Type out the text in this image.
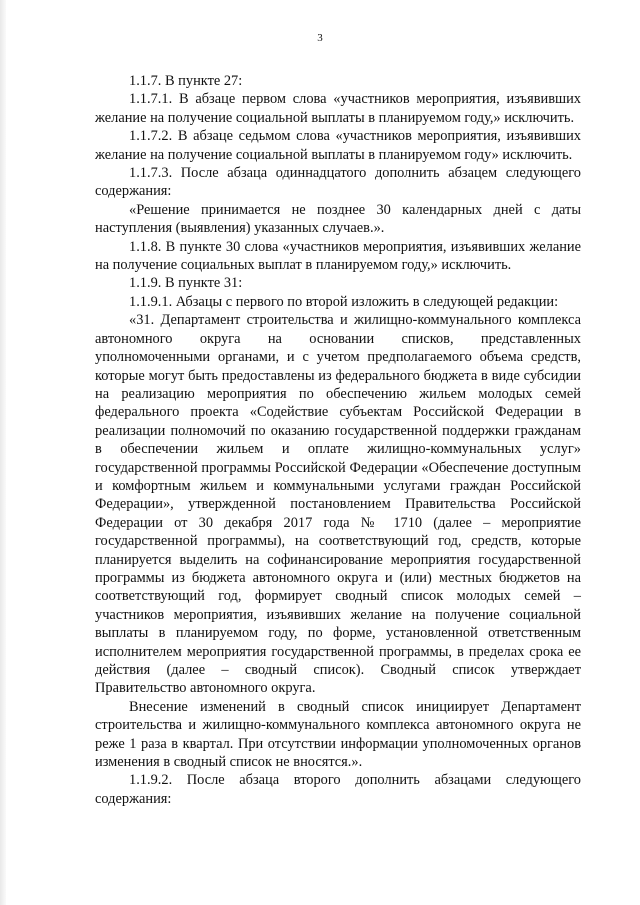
3

1.1.7. В пункте 27:

1.1.7.1. В абзаце первом слова «участников мероприятия, изъявивших желание на получение социальной выплаты в планируемом году,» исключить.

1.1.7.2. В абзаце седьмом слова «участников мероприятия, изъявивших желание на получение социальной выплаты в планируемом году» исключить.

1.1.7.3. После абзаца одиннадцатого дополнить абзацем следующего содержания:

«Решение принимается не позднее 30 календарных дней с даты наступления (выявления) указанных случаев.».

1.1.8. В пункте 30 слова «участников мероприятия, изъявивших желание на получение социальных выплат в планируемом году,» исключить.

1.1.9. В пункте 31:

1.1.9.1. Абзацы с первого по второй изложить в следующей редакции:

«31. Департамент строительства и жилищно-коммунального комплекса автономного округа на основании списков, представленных уполномоченными органами, и с учетом предполагаемого объема средств, которые могут быть предоставлены из федерального бюджета в виде субсидии на реализацию мероприятия по обеспечению жильем молодых семей федерального проекта «Содействие субъектам Российской Федерации в реализации полномочий по оказанию государственной поддержки гражданам в обеспечении жильем и оплате жилищно-коммунальных услуг» государственной программы Российской Федерации «Обеспечение доступным и комфортным жильем и коммунальными услугами граждан Российской Федерации», утвержденной постановлением Правительства Российской Федерации от 30 декабря 2017 года № 1710 (далее – мероприятие государственной программы), на соответствующий год, средств, которые планируется выделить на софинансирование мероприятия государственной программы из бюджета автономного округа и (или) местных бюджетов на соответствующий год, формирует сводный список молодых семей – участников мероприятия, изъявивших желание на получение социальной выплаты в планируемом году, по форме, установленной ответственным исполнителем мероприятия государственной программы, в пределах срока ее действия (далее – сводный список). Сводный список утверждает Правительство автономного округа.

Внесение изменений в сводный список инициирует Департамент строительства и жилищно-коммунального комплекса автономного округа не реже 1 раза в квартал. При отсутствии информации уполномоченных органов изменения в сводный список не вносятся.».

1.1.9.2. После абзаца второго дополнить абзацами следующего содержания:
